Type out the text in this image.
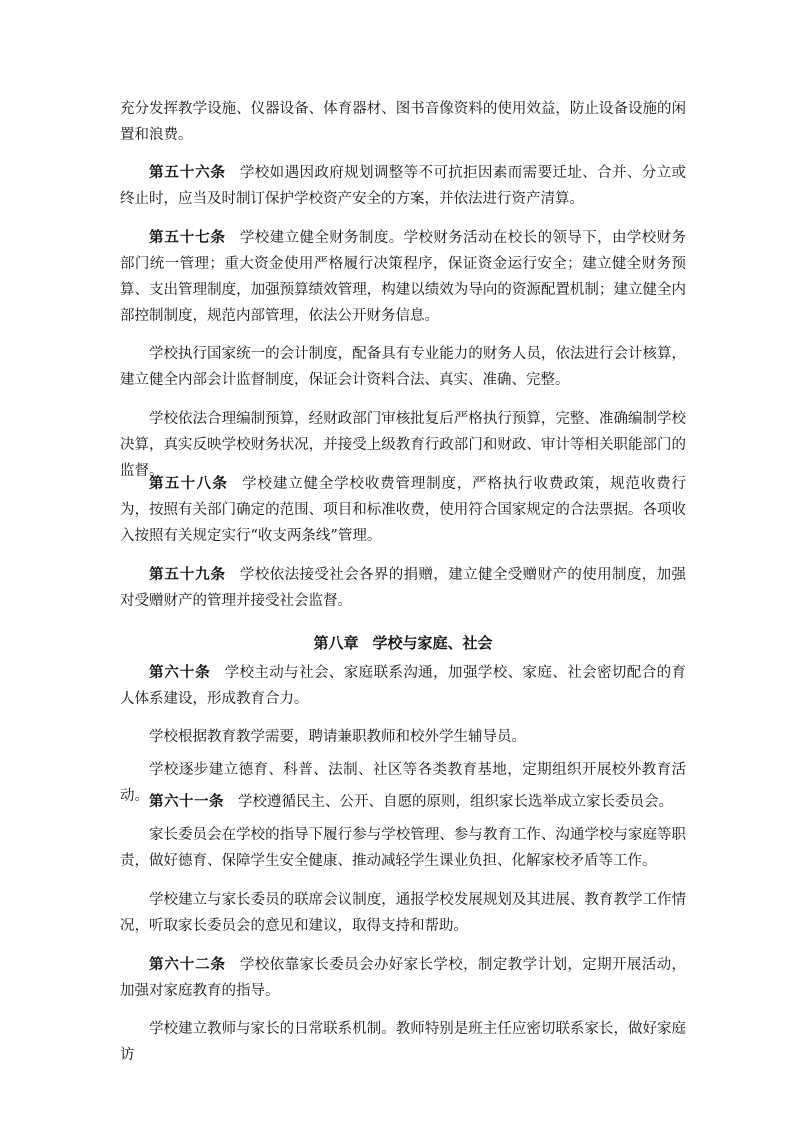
充分发挥教学设施、仪器设备、体育器材、图书音像资料的使用效益，防止设备设施的闲置和浪费。

第五十六条 学校如遇因政府规划调整等不可抗拒因素而需要迁址、合并、分立或终止时，应当及时制订保护学校资产安全的方案，并依法进行资产清算。

第五十七条 学校建立健全财务制度。学校财务活动在校长的领导下，由学校财务部门统一管理；重大资金使用严格履行决策程序，保证资金运行安全；建立健全财务预算、支出管理制度，加强预算绩效管理，构建以绩效为导向的资源配置机制；建立健全内部控制制度，规范内部管理，依法公开财务信息。

学校执行国家统一的会计制度，配备具有专业能力的财务人员，依法进行会计核算，建立健全内部会计监督制度，保证会计资料合法、真实、准确、完整。

学校依法合理编制预算，经财政部门审核批复后严格执行预算，完整、准确编制学校决算，真实反映学校财务状况，并接受上级教育行政部门和财政、审计等相关职能部门的监督。

第五十八条 学校建立健全学校收费管理制度，严格执行收费政策，规范收费行为，按照有关部门确定的范围、项目和标准收费，使用符合国家规定的合法票据。各项收入按照有关规定实行“收支两条线”管理。

第五十九条 学校依法接受社会各界的捐赠，建立健全受赠财产的使用制度，加强对受赠财产的管理并接受社会监督。

第八章 学校与家庭、社会

第六十条 学校主动与社会、家庭联系沟通，加强学校、家庭、社会密切配合的育人体系建设，形成教育合力。

学校根据教育教学需要，聘请兼职教师和校外学生辅导员。

学校逐步建立德育、科普、法制、社区等各类教育基地，定期组织开展校外教育活动。 第六十一条 学校遵循民主、公开、自愿的原则，组织家长选举成立家长委员会。

家长委员会在学校的指导下履行参与学校管理、参与教育工作、沟通学校与家庭等职责，做好德育、保障学生安全健康、推动减轻学生课业负担、化解家校矛盾等工作。

学校建立与家长委员的联席会议制度，通报学校发展规划及其进展、教育教学工作情况，听取家长委员会的意见和建议，取得支持和帮助。

第六十二条 学校依靠家长委员会办好家长学校，制定教学计划，定期开展活动，加强对家庭教育的指导。

学校建立教师与家长的日常联系机制。教师特别是班主任应密切联系家长，做好家庭访
